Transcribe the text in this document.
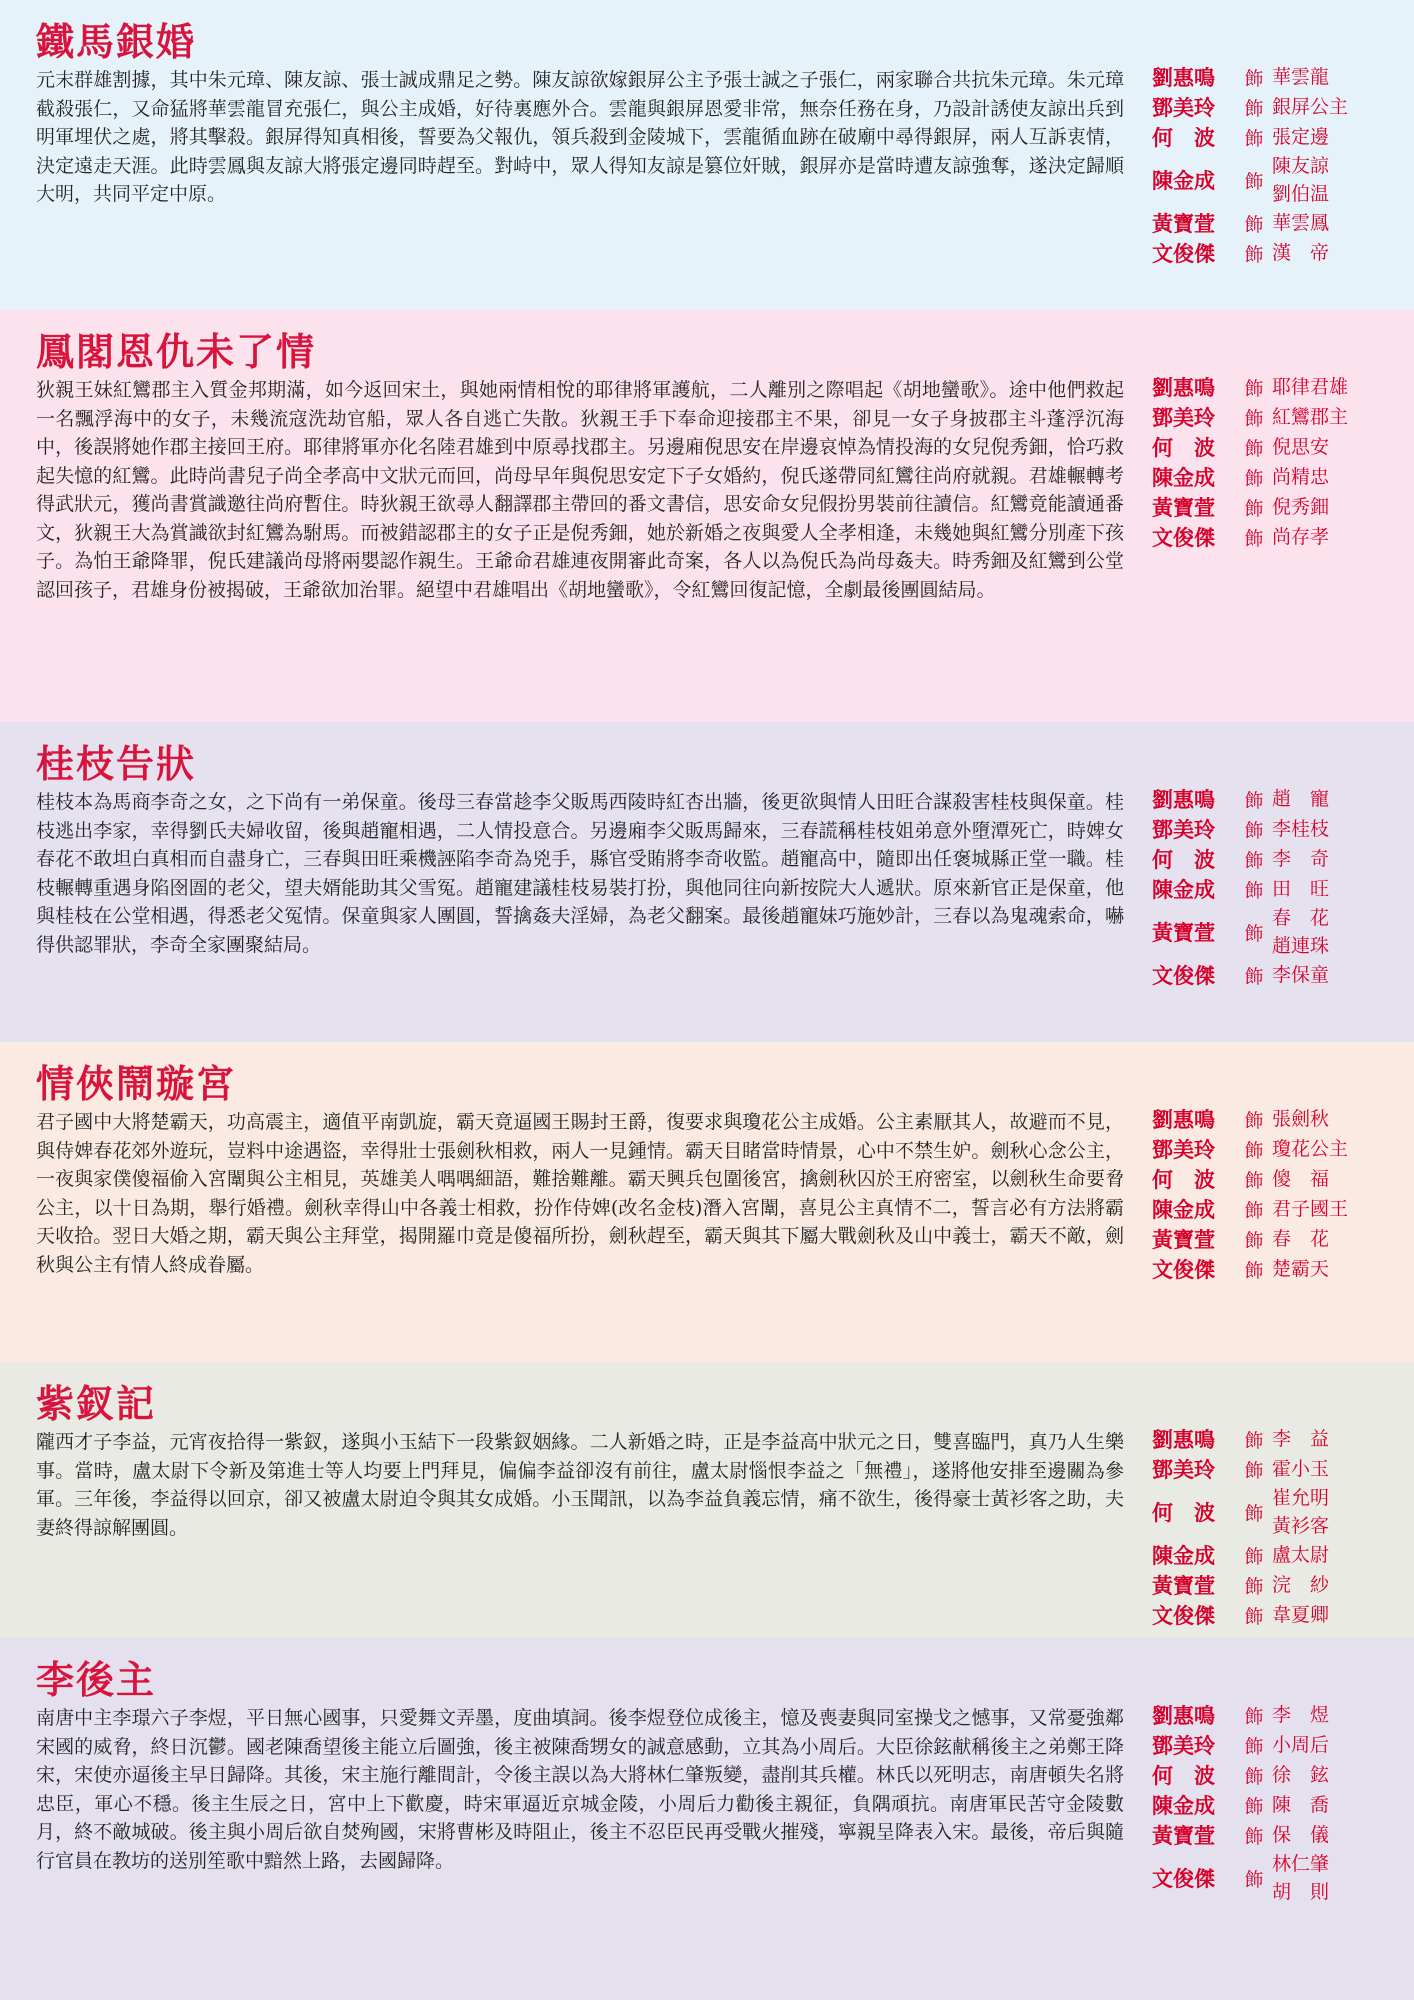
鐵馬銀婚

元末群雄割據，其中朱元璋、陳友諒、張士誠成鼎足之勢。陳友諒欲嫁銀屏公主予張士誠之子張仁，兩家聯合共抗朱元璋。朱元璋截殺張仁，又命猛將華雲龍冒充張仁，與公主成婚，好待裏應外合。雲龍與銀屏恩愛非常，無奈任務在身，乃設計誘使友諒出兵到明軍埋伏之處，將其擊殺。銀屏得知真相後，誓要為父報仇，領兵殺到金陵城下，雲龍循血跡在破廟中尋得銀屏，兩人互訴衷情，決定遠走天涯。此時雲鳳與友諒大將張定邊同時趕至。對峙中，眾人得知友諒是篡位奸賊，銀屏亦是當時遭友諒強奪，遂決定歸順大明，共同平定中原。

劉惠鳴	飾 華雲龍
鄧美玲	飾 銀屏公主
何　波	飾 張定邊
陳金成	飾
陳友諒
劉伯温
黃寶萱	飾 華雲鳳
文俊傑	飾 漢　帝
鳳閣恩仇未了情

狄親王妹紅鸞郡主入質金邦期滿，如今返回宋土，與她兩情相悅的耶律將軍護航，二人離別之際唱起《胡地蠻歌》。途中他們救起一名飄浮海中的女子，未幾流寇洗劫官船，眾人各自逃亡失散。狄親王手下奉命迎接郡主不果，卻見一女子身披郡主斗蓬浮沉海中，後誤將她作郡主接回王府。耶律將軍亦化名陸君雄到中原尋找郡主。另邊廂倪思安在岸邊哀悼為情投海的女兒倪秀鈿，恰巧救起失憶的紅鸞。此時尚書兒子尚全孝高中文狀元而回，尚母早年與倪思安定下子女婚約，倪氏遂帶同紅鸞往尚府就親。君雄輾轉考得武狀元，獲尚書賞識邀往尚府暫住。時狄親王欲尋人翻譯郡主帶回的番文書信，思安命女兒假扮男裝前往讀信。紅鸞竟能讀通番文，狄親王大為賞識欲封紅鸞為駙馬。而被錯認郡主的女子正是倪秀鈿，她於新婚之夜與愛人全孝相逢，未幾她與紅鸞分別產下孩子。為怕王爺降罪，倪氏建議尚母將兩嬰認作親生。王爺命君雄連夜開審此奇案，各人以為倪氏為尚母姦夫。時秀鈿及紅鸞到公堂認回孩子，君雄身份被揭破，王爺欲加治罪。絕望中君雄唱出《胡地蠻歌》，令紅鸞回復記憶，全劇最後團圓結局。

劉惠鳴	飾 耶律君雄
鄧美玲	飾 紅鸞郡主
何　波	飾 倪思安
陳金成	飾 尚精忠
黃寶萱	飾 倪秀鈿
文俊傑	飾 尚存孝
桂枝告狀

桂枝本為馬商李奇之女，之下尚有一弟保童。後母三春當趁李父販馬西陵時紅杏出牆，後更欲與情人田旺合謀殺害桂枝與保童。桂枝逃出李家，幸得劉氏夫婦收留，後與趙寵相遇，二人情投意合。另邊廂李父販馬歸來，三春謊稱桂枝姐弟意外墮潭死亡，時婢女春花不敢坦白真相而自盡身亡，三春與田旺乘機誣陷李奇為兇手，縣官受賄將李奇收監。趙寵高中，隨即出任褒城縣正堂一職。桂枝輾轉重遇身陷囹圄的老父，望夫婿能助其父雪冤。趙寵建議桂枝易裝打扮，與他同往向新按院大人遞狀。原來新官正是保童，他與桂枝在公堂相遇，得悉老父冤情。保童與家人團圓，誓擒姦夫淫婦，為老父翻案。最後趙寵妹巧施妙計，三春以為鬼魂索命，嚇得供認罪狀，李奇全家團聚結局。

劉惠鳴	飾 趙　寵
鄧美玲	飾 李桂枝
何　波	飾 李　奇
陳金成	飾 田　旺
黃寶萱	飾
春　花
趙連珠
文俊傑	飾 李保童
情俠鬧璇宮

君子國中大將楚霸天，功高震主，適值平南凱旋，霸天竟逼國王賜封王爵，復要求與瓊花公主成婚。公主素厭其人，故避而不見，與侍婢春花郊外遊玩，豈料中途遇盜，幸得壯士張劍秋相救，兩人一見鍾情。霸天目睹當時情景，心中不禁生妒。劍秋心念公主，一夜與家僕傻福偷入宮闈與公主相見，英雄美人喁喁細語，難捨難離。霸天興兵包圍後宮，擒劍秋囚於王府密室，以劍秋生命要脅公主，以十日為期，舉行婚禮。劍秋幸得山中各義士相救，扮作侍婢(改名金枝)潛入宮闈，喜見公主真情不二，誓言必有方法將霸天收拾。翌日大婚之期，霸天與公主拜堂，揭開羅巾竟是傻福所扮，劍秋趕至，霸天與其下屬大戰劍秋及山中義士，霸天不敵，劍秋與公主有情人終成眷屬。

劉惠鳴	飾 張劍秋
鄧美玲	飾 瓊花公主
何　波	飾 傻　福
陳金成	飾 君子國王
黃寶萱	飾 春　花
文俊傑	飾 楚霸天
紫釵記

隴西才子李益，元宵夜拾得一紫釵，遂與小玉結下一段紫釵姻緣。二人新婚之時，正是李益高中狀元之日，雙喜臨門，真乃人生樂事。當時，盧太尉下令新及第進士等人均要上門拜見，偏偏李益卻沒有前往，盧太尉惱恨李益之「無禮」，遂將他安排至邊關為參軍。三年後，李益得以回京，卻又被盧太尉迫令與其女成婚。小玉聞訊，以為李益負義忘情，痛不欲生，後得豪士黃衫客之助，夫妻終得諒解團圓。

劉惠鳴	飾 李　益
鄧美玲	飾 霍小玉
何　波	飾
崔允明
黃衫客
陳金成	飾 盧太尉
黃寶萱	飾 浣　紗
文俊傑	飾 韋夏卿
李後主

南唐中主李璟六子李煜，平日無心國事，只愛舞文弄墨，度曲填詞。後李煜登位成後主，憶及喪妻與同室操戈之憾事，又常憂強鄰宋國的威脅，終日沉鬱。國老陳喬望後主能立后圖強，後主被陳喬甥女的誠意感動，立其為小周后。大臣徐鉉献稱後主之弟鄭王降宋，宋使亦逼後主早日歸降。其後，宋主施行離間計，令後主誤以為大將林仁肇叛變，盡削其兵權。林氏以死明志，南唐頓失名將忠臣，軍心不穩。後主生辰之日，宮中上下歡慶，時宋軍逼近京城金陵，小周后力勸後主親征，負隅頑抗。南唐軍民苦守金陵數月，終不敵城破。後主與小周后欲自焚殉國，宋將曹彬及時阻止，後主不忍臣民再受戰火摧殘，寧親呈降表入宋。最後，帝后與隨行官員在教坊的送別笙歌中黯然上路，去國歸降。

劉惠鳴	飾 李　煜
鄧美玲	飾 小周后
何　波	飾 徐　鉉
陳金成	飾 陳　喬
黃寶萱	飾 保　儀
文俊傑	飾
林仁肇
胡　則
